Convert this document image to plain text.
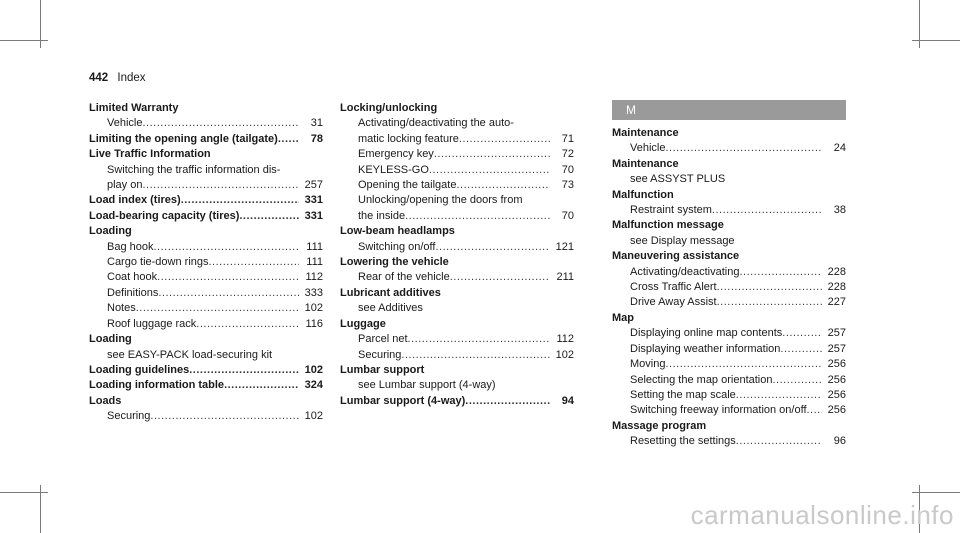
442 Index
Limited Warranty
Vehicle .....	31
Limiting the opening angle (tailgate) .....	78
Live Traffic Information
Switching the traffic information dis-
play on .....	257
Load index (tires) .....	331
Load-bearing capacity (tires) .....	331
Loading
Bag hook .....	111
Cargo tie-down rings .....	111
Coat hook .....	112
Definitions .....	333
Notes .....	102
Roof luggage rack .....	116
Loading
see EASY-PACK load-securing kit
Loading guidelines .....	102
Loading information table .....	324
Loads
Securing .....	102
Locking/unlocking
Activating/deactivating the auto-
matic locking feature .....	71
Emergency key .....	72
KEYLESS-GO .....	70
Opening the tailgate .....	73
Unlocking/opening the doors from
the inside .....	70
Low-beam headlamps
Switching on/off .....	121
Lowering the vehicle
Rear of the vehicle .....	211
Lubricant additives
see Additives
Luggage
Parcel net .....	112
Securing .....	102
Lumbar support
see Lumbar support (4-way)
Lumbar support (4-way) .....	94
M
Maintenance
Vehicle .....	24
Maintenance
see ASSYST PLUS
Malfunction
Restraint system .....	38
Malfunction message
see Display message
Maneuvering assistance
Activating/deactivating .....	228
Cross Traffic Alert .....	228
Drive Away Assist .....	227
Map
Displaying online map contents .....	257
Displaying weather information .....	257
Moving .....	256
Selecting the map orientation .....	256
Setting the map scale .....	256
Switching freeway information on/off .....	256
Massage program
Resetting the settings .....	96
carmanualsonline.info
